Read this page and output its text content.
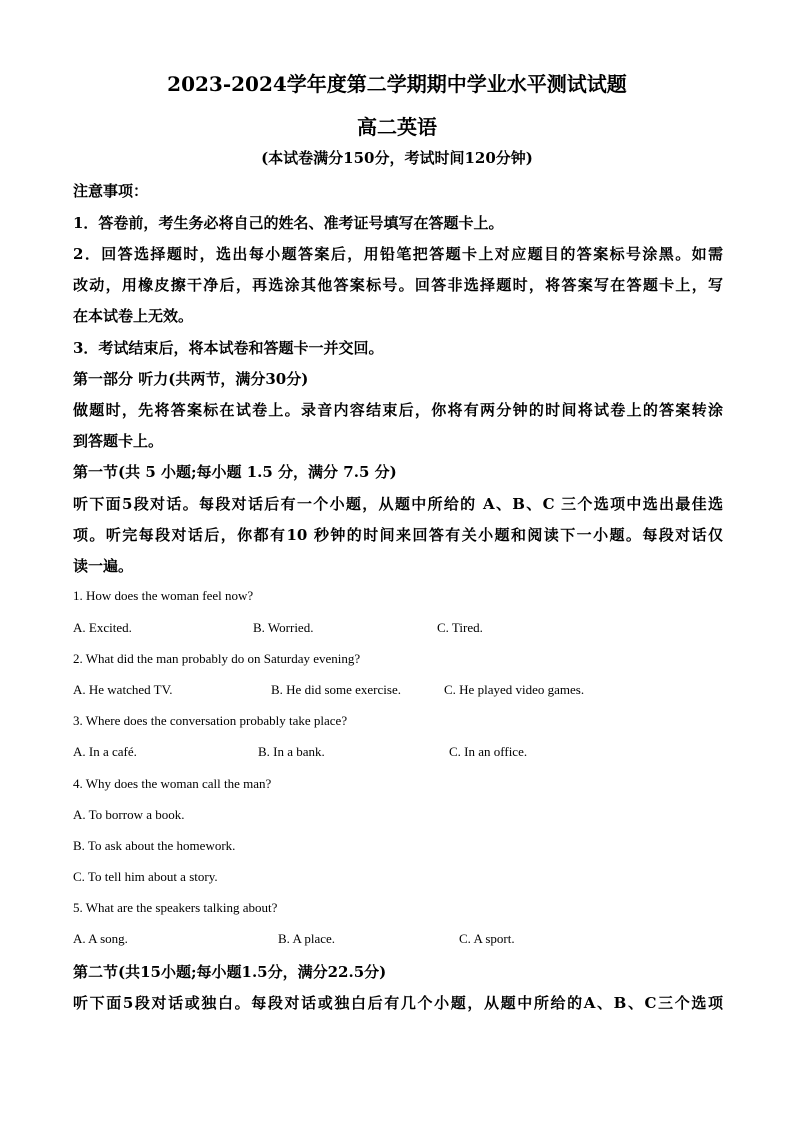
2023-2024学年度第二学期期中学业水平测试试题
高二英语
(本试卷满分150分，考试时间120分钟)
注意事项：
1．答卷前，考生务必将自己的姓名、准考证号填写在答题卡上。
2．回答选择题时，选出每小题答案后，用铅笔把答题卡上对应题目的答案标号涂黑。如需
改动，用橡皮擦干净后，再选涂其他答案标号。回答非选择题时，将答案写在答题卡上，写
在本试卷上无效。
3．考试结束后，将本试卷和答题卡一并交回。
第一部分 听力(共两节，满分30分)
做题时，先将答案标在试卷上。录音内容结束后，你将有两分钟的时间将试卷上的答案转涂
到答题卡上。
第一节(共 5 小题;每小题 1.5 分，满分 7.5 分)
听下面5段对话。每段对话后有一个小题，从题中所给的 A、B、C 三个选项中选出最佳选
项。听完每段对话后，你都有10 秒钟的时间来回答有关小题和阅读下一小题。每段对话仅
读一遍。
1. How does the woman feel now?
A. Excited.	B. Worried.	C. Tired.
2. What did the man probably do on Saturday evening?
A. He watched TV.	B. He did some exercise.	C. He played video games.
3. Where does the conversation probably take place?
A. In a café.	B. In a bank.	C. In an office.
4. Why does the woman call the man?
A. To borrow a book.
B. To ask about the homework.
C. To tell him about a story.
5. What are the speakers talking about?
A. A song.	B. A place.	C. A sport.
第二节(共15小题;每小题1.5分，满分22.5分)
听下面5段对话或独白。每段对话或独白后有几个小题，从题中所给的A、B、C三个选项
